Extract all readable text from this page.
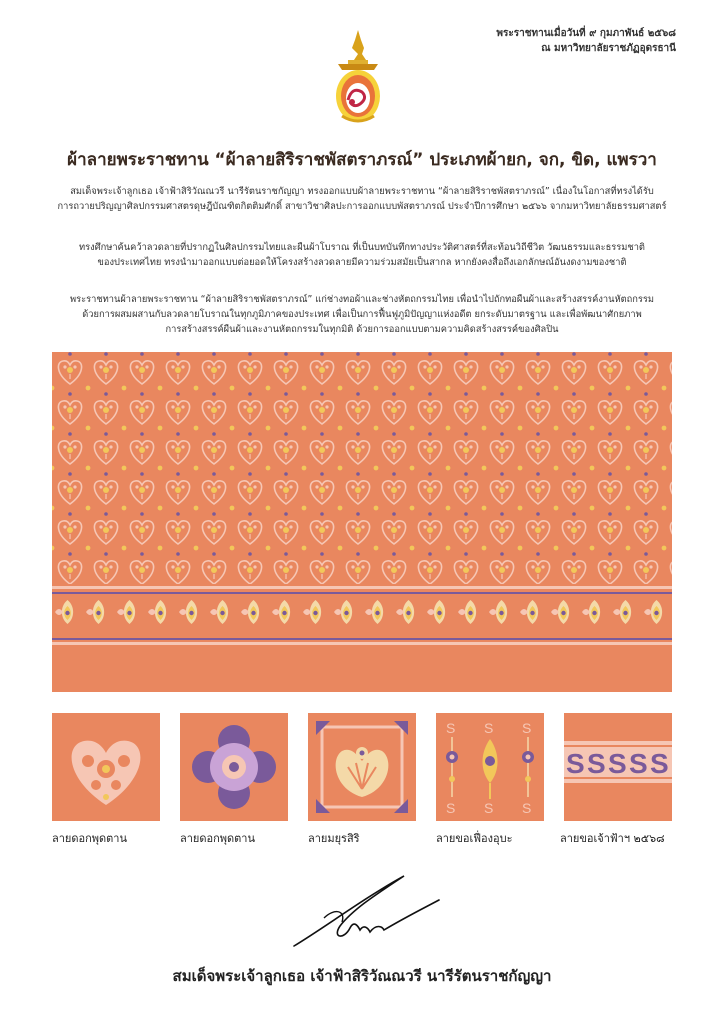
พระราชทานเมื่อวันที่ ๙ กุมภาพันธ์ ๒๕๖๘
ณ มหาวิทยาลัยราชภัฏอุดรธานี
ผ้าลายพระราชทาน “ผ้าลายสิริราชพัสตราภรณ์” ประเภทผ้ายก, จก, ขิด, แพรวา
สมเด็จพระเจ้าลูกเธอ เจ้าฟ้าสิริวัณณวรี นารีรัตนราชกัญญา ทรงออกแบบผ้าลายพระราชทาน “ผ้าลายสิริราชพัสตราภรณ์” เนื่องในโอกาสที่ทรงได้รับ
การถวายปริญญาศิลปกรรมศาสตรดุษฎีบัณฑิตกิตติมศักดิ์ สาขาวิชาศิลปะการออกแบบพัสตราภรณ์ ประจำปีการศึกษา ๒๕๖๖ จากมหาวิทยาลัยธรรมศาสตร์
ทรงศึกษาค้นคว้าลวดลายที่ปรากฏในศิลปกรรมไทยและผืนผ้าโบราณ ที่เป็นบทบันทึกทางประวัติศาสตร์ที่สะท้อนวิถีชีวิต วัฒนธรรมและธรรมชาติ
ของประเทศไทย ทรงนำมาออกแบบต่อยอดให้โครงสร้างลวดลายมีความร่วมสมัยเป็นสากล หากยังคงสื่อถึงเอกลักษณ์อันงดงามของชาติ
พระราชทานผ้าลายพระราชทาน “ผ้าลายสิริราชพัสตราภรณ์” แก่ช่างทอผ้าและช่างหัตถกรรมไทย เพื่อนำไปถักทอผืนผ้าและสร้างสรรค์งานหัตถกรรม
ด้วยการผสมผสานกับลวดลายโบราณในทุกภูมิภาคของประเทศ เพื่อเป็นการฟื้นฟูภูมิปัญญาแห่งอดีต ยกระดับมาตรฐาน และเพื่อพัฒนาศักยภาพ
การสร้างสรรค์ผืนผ้าและงานหัตถกรรมในทุกมิติ ด้วยการออกแบบตามความคิดสร้างสรรค์ของศิลปิน
S S S
S S S
S S S S S
ลายดอกพุดตาน	ลายดอกพุดตาน	ลายมยุรสิริ	ลายขอเฟื่องอุบะ	ลายขอเจ้าฟ้าฯ ๒๕๖๘
สมเด็จพระเจ้าลูกเธอ เจ้าฟ้าสิริวัณณวรี นารีรัตนราชกัญญา
